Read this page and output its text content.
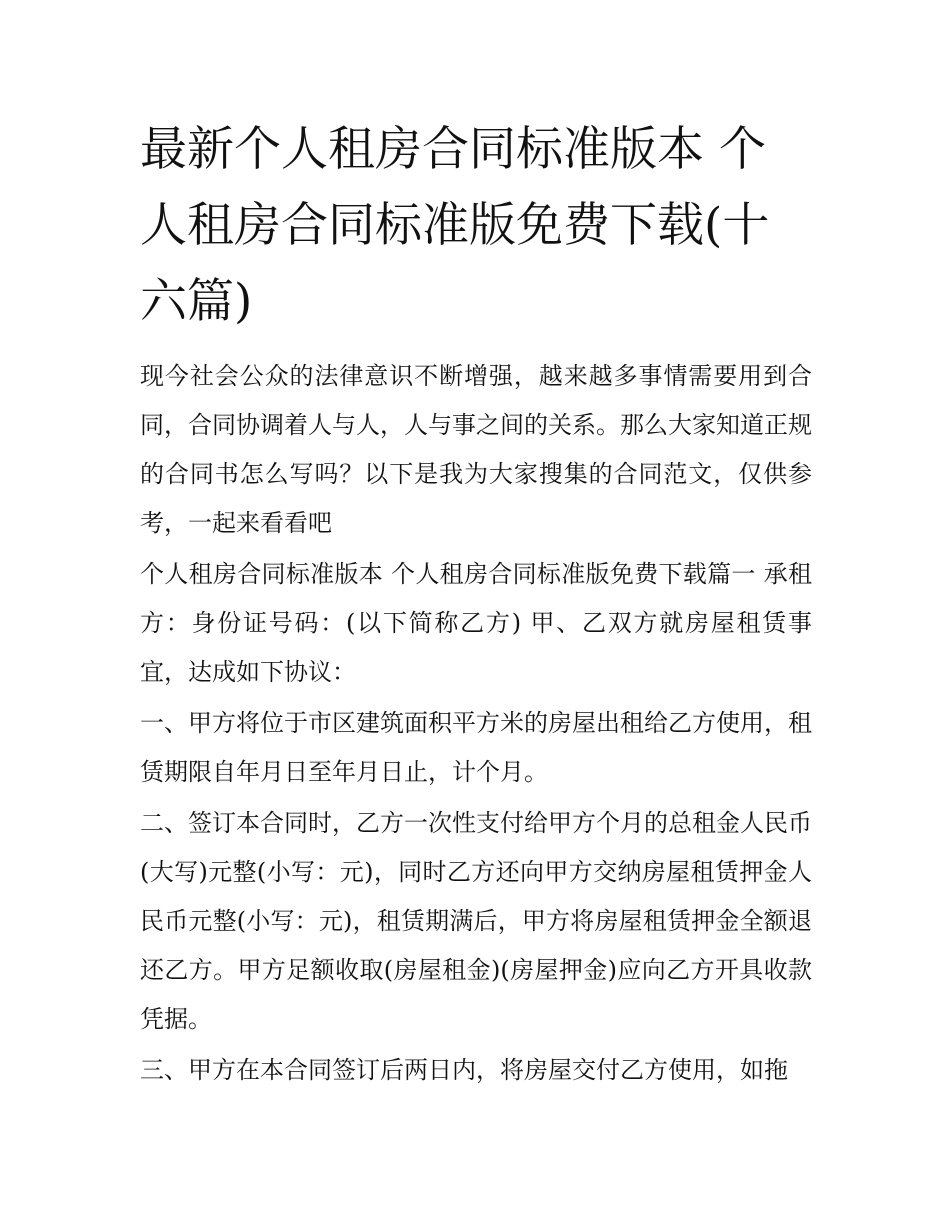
最新个人租房合同标准版本 个人租房合同标准版免费下载(十六篇)

现今社会公众的法律意识不断增强，越来越多事情需要用到合同，合同协调着人与人，人与事之间的关系。那么大家知道正规的合同书怎么写吗？以下是我为大家搜集的合同范文，仅供参考，一起来看看吧

个人租房合同标准版本 个人租房合同标准版免费下载篇一 承租方：身份证号码：(以下简称乙方) 甲、乙双方就房屋租赁事宜，达成如下协议：

一、甲方将位于市区建筑面积平方米的房屋出租给乙方使用，租赁期限自年月日至年月日止，计个月。

二、签订本合同时，乙方一次性支付给甲方个月的总租金人民币(大写)元整(小写：元)，同时乙方还向甲方交纳房屋租赁押金人民币元整(小写：元)，租赁期满后，甲方将房屋租赁押金全额退还乙方。甲方足额收取(房屋租金)(房屋押金)应向乙方开具收款凭据。

三、甲方在本合同签订后两日内，将房屋交付乙方使用，如拖
